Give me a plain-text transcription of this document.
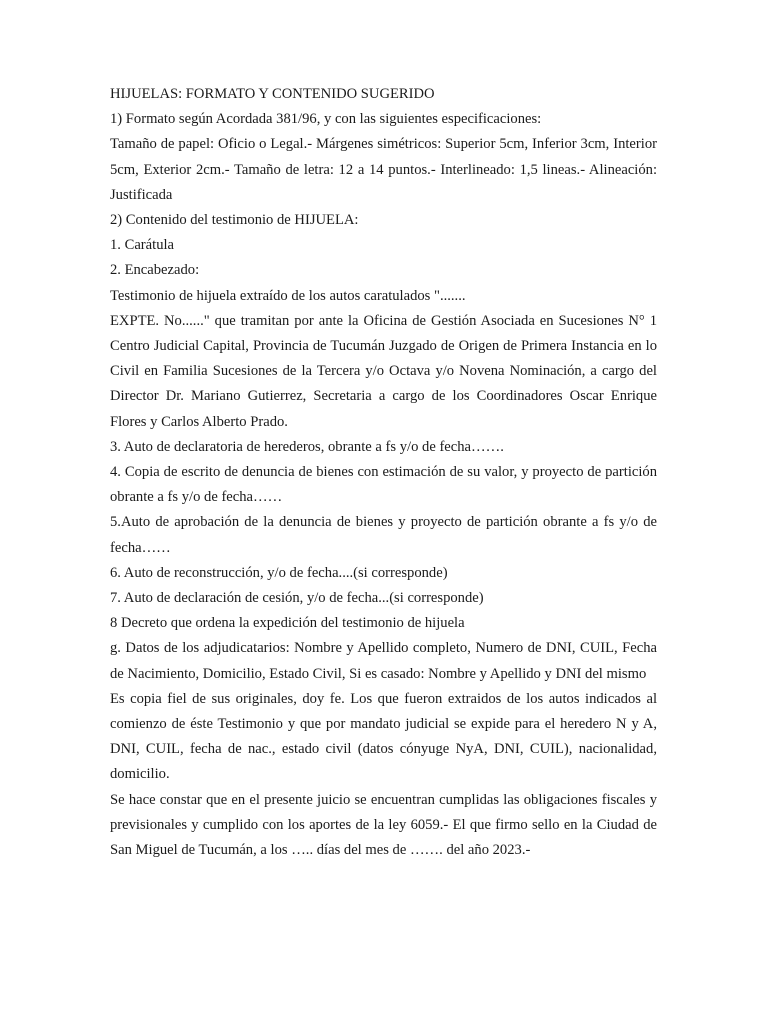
HIJUELAS: FORMATO Y CONTENIDO SUGERIDO

1) Formato según Acordada 381/96, y con las siguientes especificaciones:

Tamaño de papel: Oficio o Legal.- Márgenes simétricos: Superior 5cm, Inferior 3cm, Interior 5cm, Exterior 2cm.- Tamaño de letra: 12 a 14 puntos.- Interlineado: 1,5 lineas.- Alineación: Justificada

2) Contenido del testimonio de HIJUELA:

1. Carátula

2. Encabezado:

Testimonio de hijuela extraído de los autos caratulados ".......

EXPTE. No......" que tramitan por ante la Oficina de Gestión Asociada en Sucesiones N° 1 Centro Judicial Capital, Provincia de Tucumán Juzgado de Origen de Primera Instancia en lo Civil en Familia Sucesiones de la Tercera y/o Octava y/o Novena Nominación, a cargo del Director Dr. Mariano Gutierrez, Secretaria a cargo de los Coordinadores Oscar Enrique Flores y Carlos Alberto Prado.

3. Auto de declaratoria de herederos, obrante a fs y/o de fecha…….

4. Copia de escrito de denuncia de bienes con estimación de su valor, y proyecto de partición obrante a fs y/o de fecha……

5.Auto de aprobación de la denuncia de bienes y proyecto de partición obrante a fs y/o de fecha……

6. Auto de reconstrucción, y/o de fecha....(si corresponde)

7. Auto de declaración de cesión, y/o de fecha...(si corresponde)

8 Decreto que ordena la expedición del testimonio de hijuela

g. Datos de los adjudicatarios: Nombre y Apellido completo, Numero de DNI, CUIL, Fecha de Nacimiento, Domicilio, Estado Civil, Si es casado: Nombre y Apellido y DNI del mismo

Es copia fiel de sus originales, doy fe. Los que fueron extraidos de los autos indicados al comienzo de éste Testimonio y que por mandato judicial se expide para el heredero N y A, DNI, CUIL, fecha de nac., estado civil (datos cónyuge NyA, DNI, CUIL), nacionalidad, domicilio.

Se hace constar que en el presente juicio se encuentran cumplidas las obligaciones fiscales y previsionales y cumplido con los aportes de la ley 6059.- El que firmo sello en la Ciudad de San Miguel de Tucumán, a los ….. días del mes de ……. del año 2023.-
